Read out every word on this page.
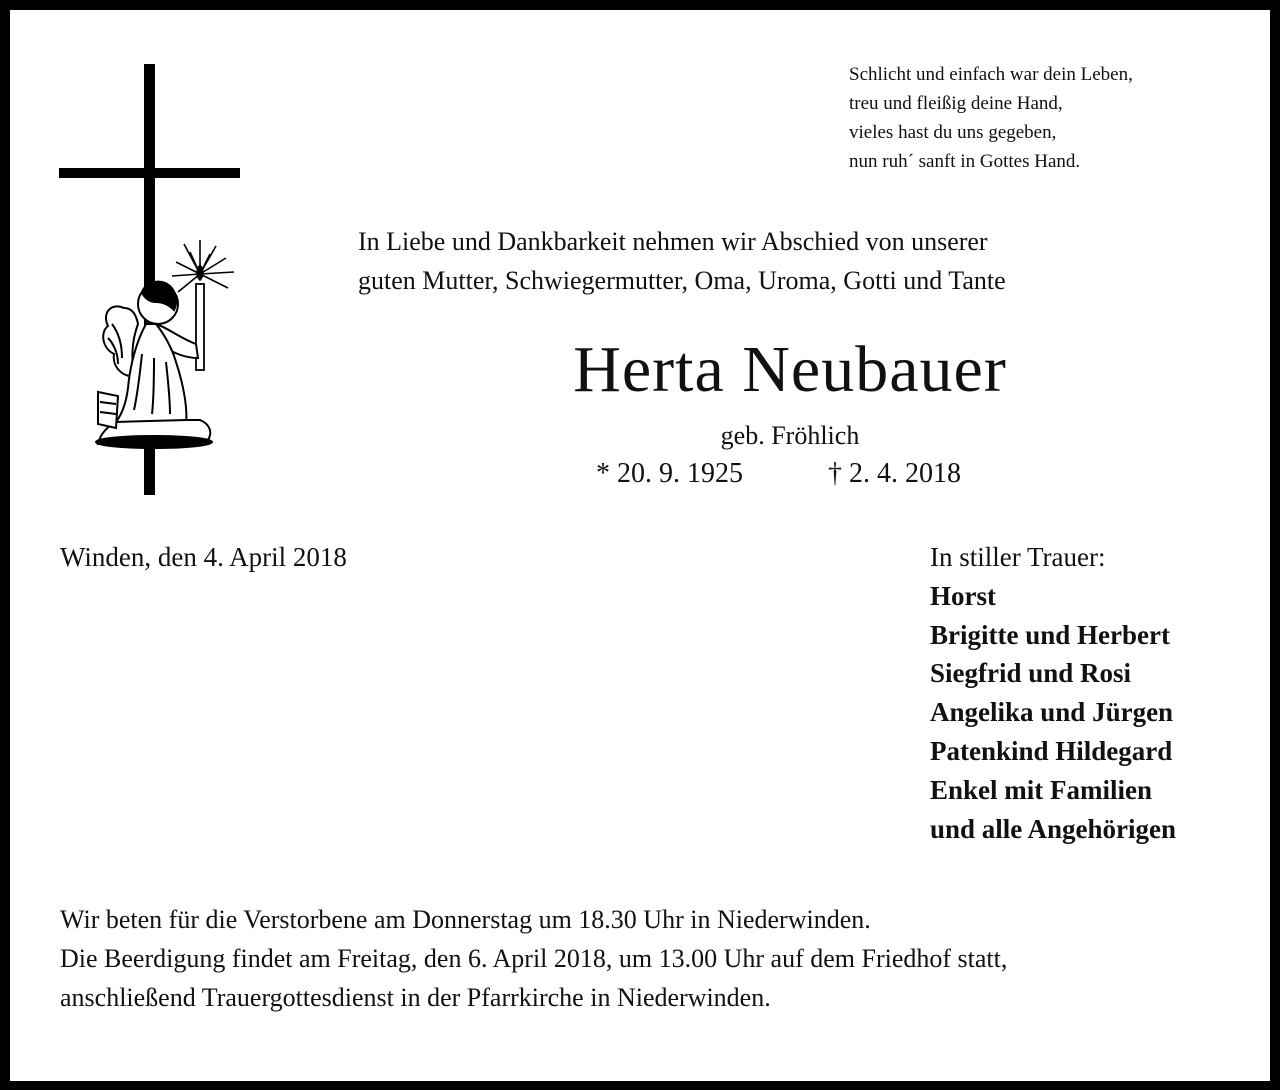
Schlicht und einfach war dein Leben,
treu und fleißig deine Hand,
vieles hast du uns gegeben,
nun ruh´ sanft in Gottes Hand.
In Liebe und Dankbarkeit nehmen wir Abschied von unserer
guten Mutter, Schwiegermutter, Oma, Uroma, Gotti und Tante
Herta Neubauer
geb. Fröhlich
* 20. 9. 1925	† 2. 4. 2018
Winden, den 4. April 2018	In stiller Trauer:
Horst
Brigitte und Herbert
Siegfrid und Rosi
Angelika und Jürgen
Patenkind Hildegard
Enkel mit Familien
und alle Angehörigen
Wir beten für die Verstorbene am Donnerstag um 18.30 Uhr in Niederwinden.
Die Beerdigung findet am Freitag, den 6. April 2018, um 13.00 Uhr auf dem Friedhof statt,
anschließend Trauergottesdienst in der Pfarrkirche in Niederwinden.
